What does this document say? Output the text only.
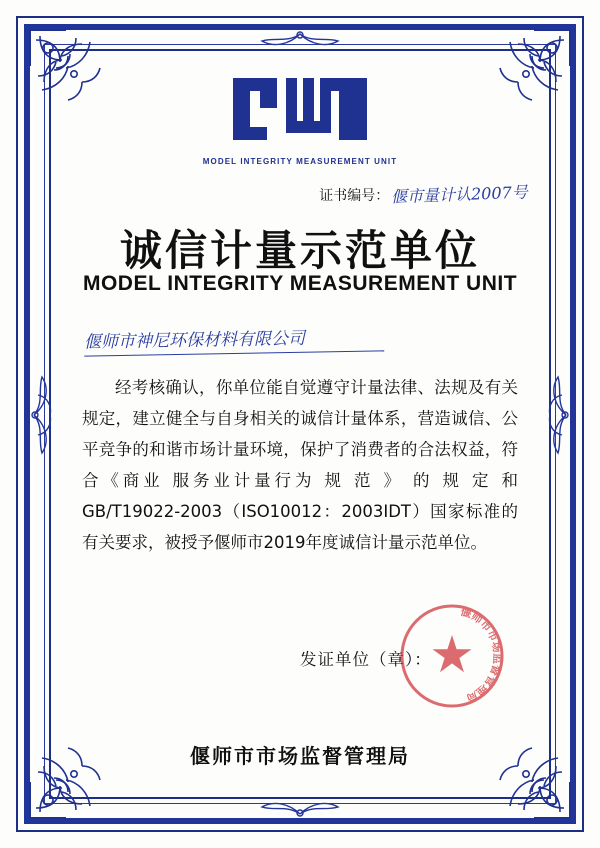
MODEL INTEGRITY MEASUREMENT UNIT
证书编号： 偃市量计认2007号
诚信计量示范单位
MODEL INTEGRITY MEASUREMENT UNIT
偃师市神尼环保材料有限公司

经考核确认，你单位能自觉遵守计量法律、法规及有关规定，建立健全与自身相关的诚信计量体系，营造诚信、公平竞争的和谐市场计量环境，保护了消费者的合法权益，符合《商业 服务业计量行为 规 范 》 的 规 定 和 GB/T19022-2003（ISO10012：2003IDT）国家标准的有关要求，被授予偃师市2019年度诚信计量示范单位。

发证单位（章）：
偃师市市场监督管理局
偃师市市场监督管理局
